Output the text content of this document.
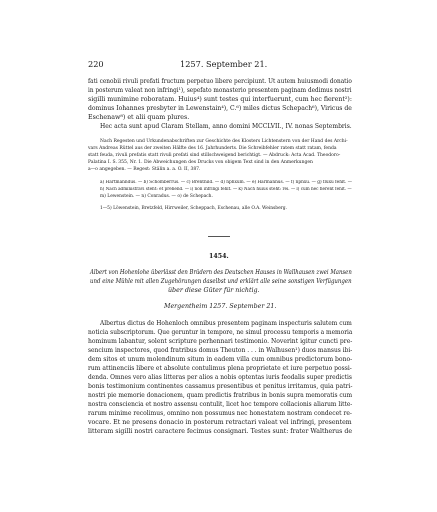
220	1257. September 21.
fati cenobii rivuli prefati fructum perpetuo libere percipiunt. Ut autem huiusmodi donatio
in posterum valeat non infringi¹), sepefato monasterio presentem paginam dedimus nostri
sigilli munimine roboratam. Huius⁴) sunt testes qui interfuerunt, cum hec fierent²):
dominus Iohannes presbyter in Lewenstain⁴), C.⁶) miles dictus Schepach⁶), Viricus de
Eschenaw⁸) et alii quam plures.
Hec acta sunt apud Claram Stellam, anno domini MCCLVII., IV. nonas Septembris.
Nach Regesten und Urkundenabschriften zur Geschichte des Klosters Lichtenstern von der Hand des Archi-
vars Andreas Rüttel aus der zweiten Hälfte des 16. Jahrhunderts. Die Schreibfehler ratem statt ratam, fenda
statt feuda, rivuli prefatis statt rivuli prefati sind stillschweigend berichtigt. — Abdruck: Acta Acad. Theodoro-
Palatina I. S. 355, Nr. 1. Die Abweichungen des Drucks von obigem Text sind in den Anmerkungen
a—o angegeben. — Regest: Stälin a. a. O. II, 387.
a) Hartmanndus. — b) Schomberrus. — c) Brenthild. — d) nphxum. — e) Harmannus. — f) nphxu. — g) fluxu fehlt. —
h) Nach administravi steht: et prehend. — i) non infringi fehlt. — k) Nach huius steht: rei. — l) cum hec fierent fehlt. —
m) Lewenstein. — n) Conradus. — o) de Schepach.
1—5) Löwenstein, Bretzfeld, Hirrweiler, Scheppach, Eschenau, alle O.A. Weinsberg.
1454.
Albert von Hohenlohe überlässt den Brüdern des Deutschen Hauses in Wallhausen zwei Mansen
und eine Mühle mit allen Zugehörungen daselbst und erklärt alle seine sonstigen Verfügungen
über diese Güter für nichtig.
Mergentheim 1257. September 21.
Albertus dictus de Hohenloch omnibus presentem paginam inspecturis salutem cum
noticia subscriptorum. Que geruntur in tempore, ne simul processu temporis a memoria
hominum labantur, solent scripture perhennari testimonio. Noverint igitur cuncti pre-
sencium inspectores, quod fratribus domus Theuton . . . in Walhusen¹) duos mansus ibi-
dem sitos et unum molendinum situm in eadem villa cum omnibus predictorum bono-
rum attinenciis libere et absolute contulimus plena proprietate et iure perpetuo possi-
denda. Omnes vero alias litteras per alios a nobis optentas iuris feodalis super predictis
bonis testimonium continentes cassamus presentibus et penitus irritamus, quia patri-
nostri pie memorie donacionem, quam predictis fratribus in bonis supra memoratis cum
nostra consciencia et nostro assensu contulit, licet hoc tempore collacionis aliarum litte-
rarum minime recolimus, omnino non possumus nec honestatem nostram condecet re-
vocare. Et ne presens donacio in posterum retractari valeat vel infringi, presentem
litteram sigilli nostri caractere fecimus consignari. Testes sunt: frater Waltherus de
